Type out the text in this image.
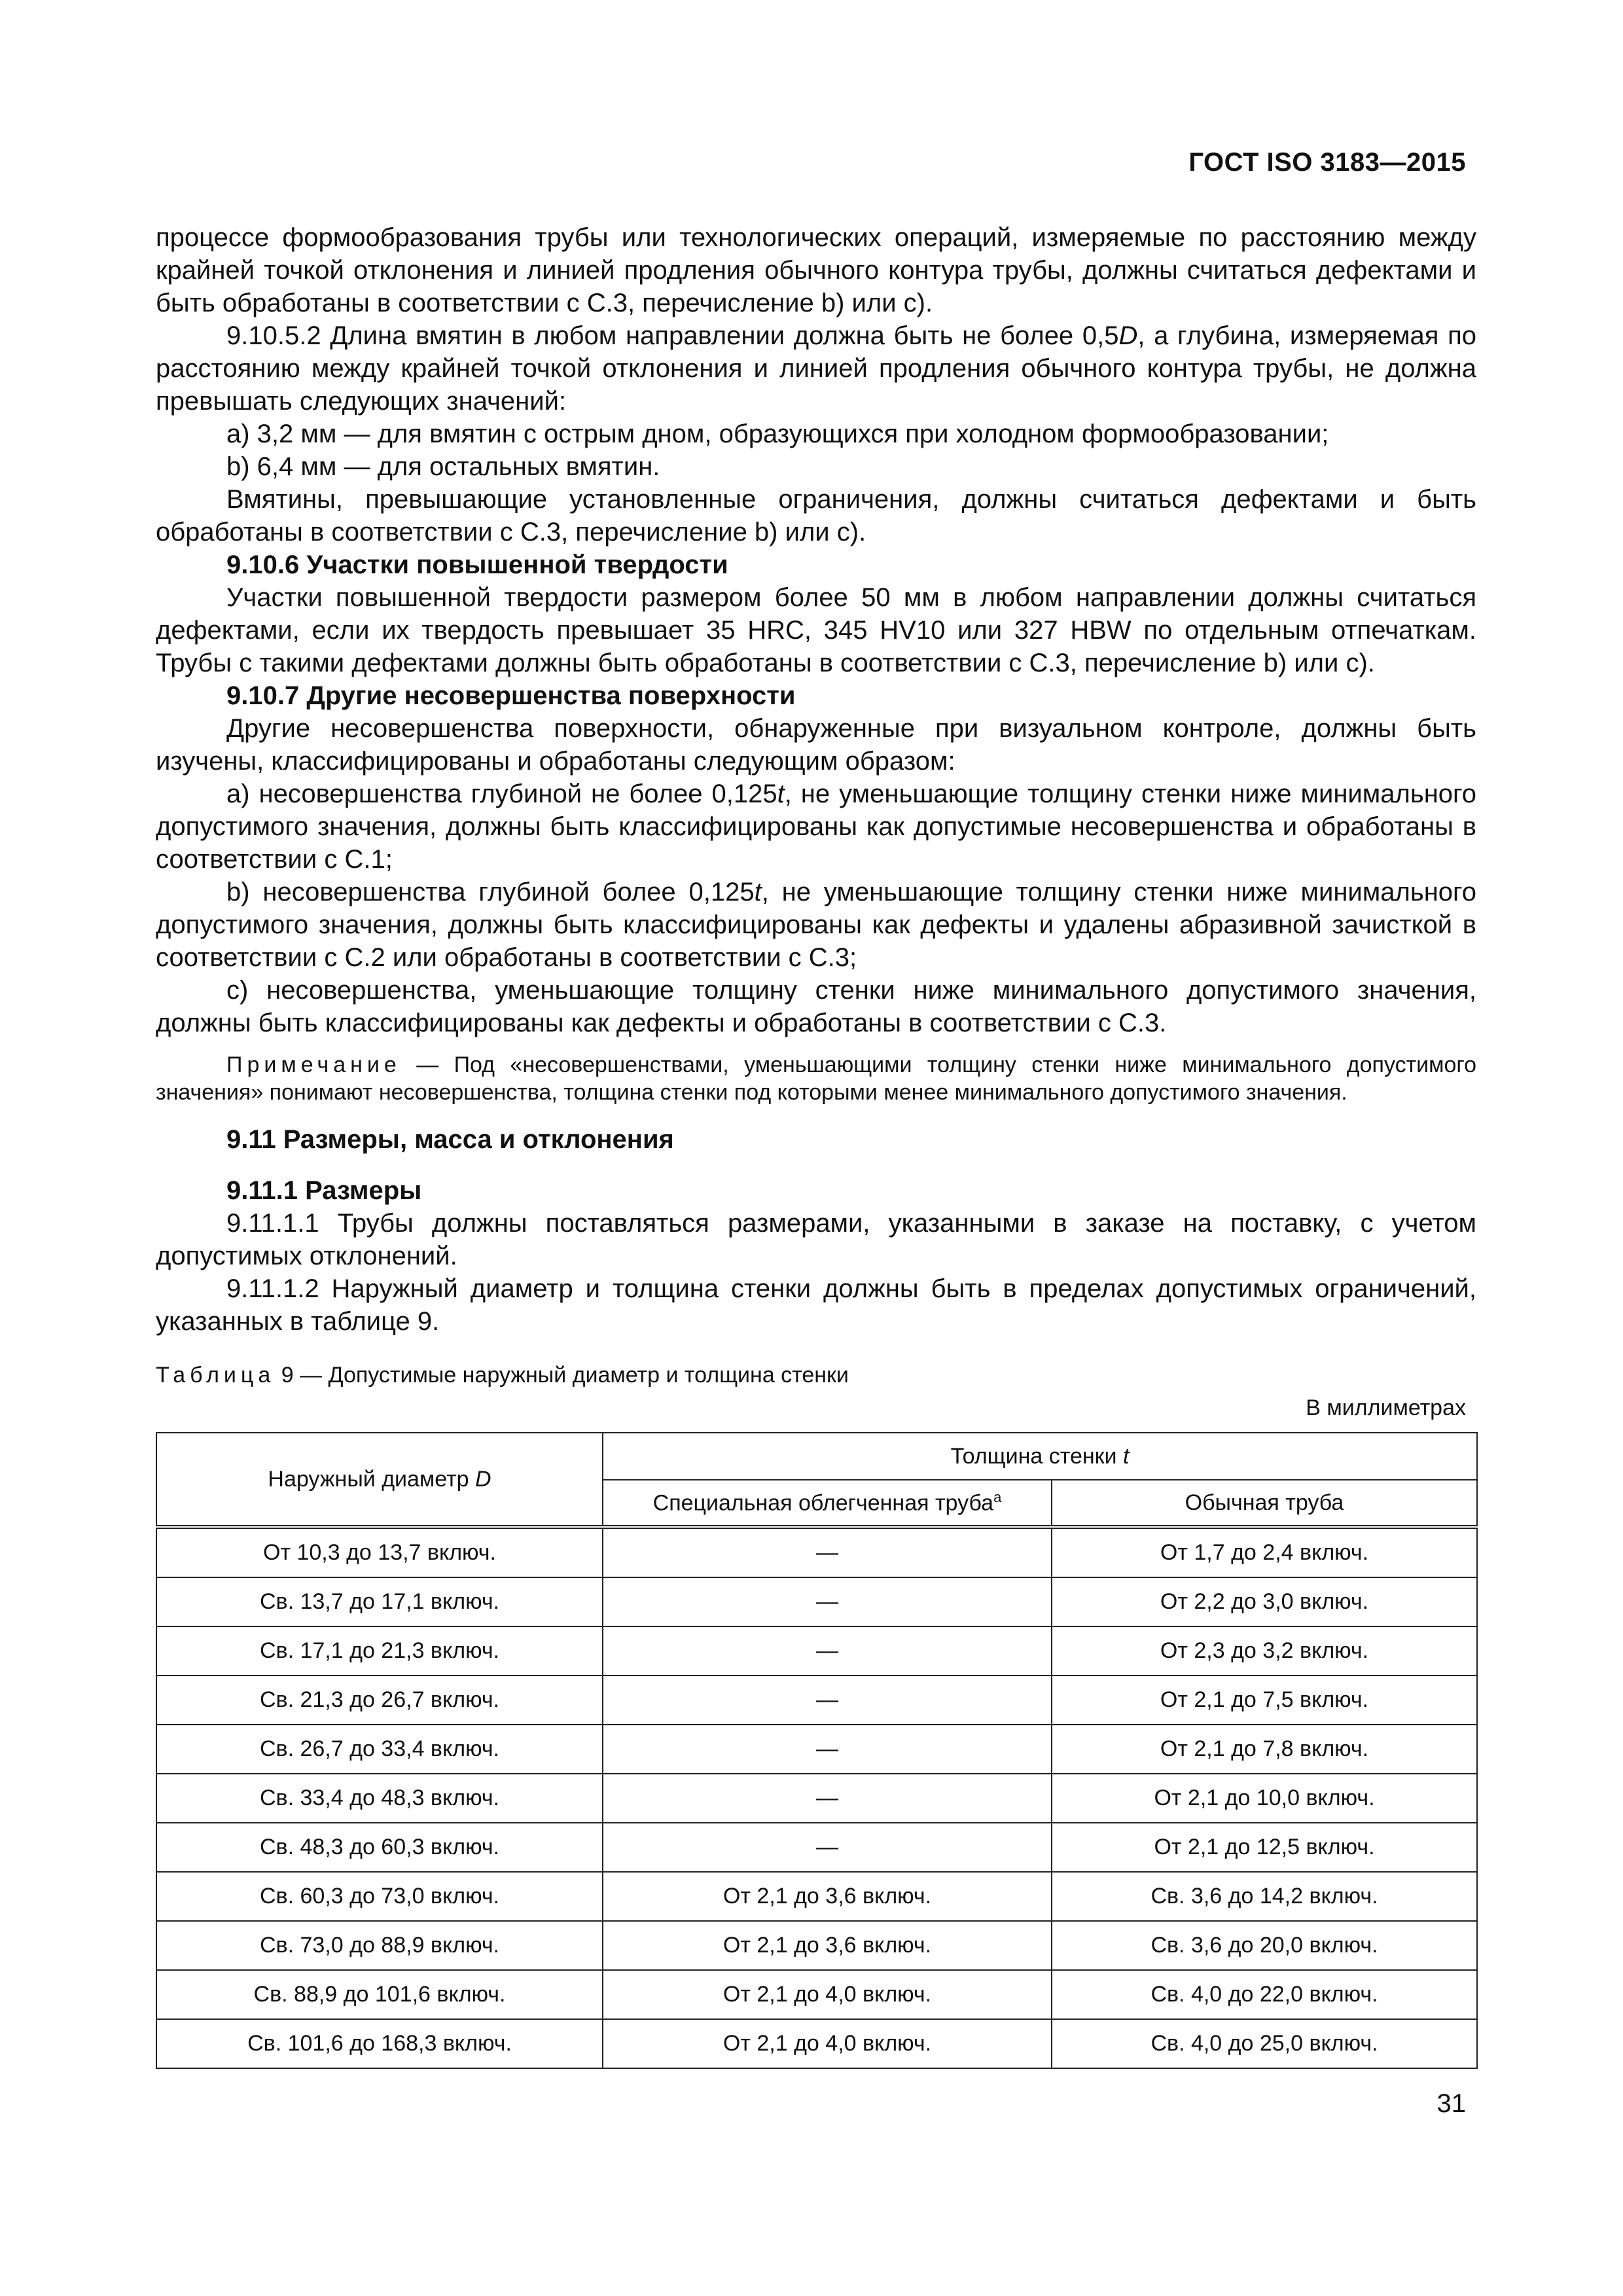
ГОСТ ISO 3183—2015

процессе формообразования трубы или технологических операций, измеряемые по расстоянию между крайней точкой отклонения и линией продления обычного контура трубы, должны считаться дефектами и быть обработаны в соответствии с С.3, перечисление b) или с).

9.10.5.2 Длина вмятин в любом направлении должна быть не более 0,5D, а глубина, измеряемая по расстоянию между крайней точкой отклонения и линией продления обычного контура трубы, не должна превышать следующих значений:

а) 3,2 мм — для вмятин с острым дном, образующихся при холодном формообразовании;

b) 6,4 мм — для остальных вмятин.

Вмятины, превышающие установленные ограничения, должны считаться дефектами и быть обработаны в соответствии с С.3, перечисление b) или с).

9.10.6 Участки повышенной твердости

Участки повышенной твердости размером более 50 мм в любом направлении должны считаться дефектами, если их твердость превышает 35 HRC, 345 HV10 или 327 HBW по отдельным отпечаткам. Трубы с такими дефектами должны быть обработаны в соответствии с С.3, перечисление b) или с).

9.10.7 Другие несовершенства поверхности

Другие несовершенства поверхности, обнаруженные при визуальном контроле, должны быть изучены, классифицированы и обработаны следующим образом:

а) несовершенства глубиной не более 0,125t, не уменьшающие толщину стенки ниже минимального допустимого значения, должны быть классифицированы как допустимые несовершенства и обработаны в соответствии с С.1;

b) несовершенства глубиной более 0,125t, не уменьшающие толщину стенки ниже минимального допустимого значения, должны быть классифицированы как дефекты и удалены абразивной зачисткой в соответствии с С.2 или обработаны в соответствии с С.3;

с) несовершенства, уменьшающие толщину стенки ниже минимального допустимого значения, должны быть классифицированы как дефекты и обработаны в соответствии с С.3.

Примечание — Под «несовершенствами, уменьшающими толщину стенки ниже минимального допустимого значения» понимают несовершенства, толщина стенки под которыми менее минимального допустимого значения.

9.11 Размеры, масса и отклонения

9.11.1 Размеры

9.11.1.1 Трубы должны поставляться размерами, указанными в заказе на поставку, с учетом допустимых отклонений.

9.11.1.2 Наружный диаметр и толщина стенки должны быть в пределах допустимых ограничений, указанных в таблице 9.

Таблица 9 — Допустимые наружный диаметр и толщина стенки
В миллиметрах
Наружный диаметр D	Толщина стенки t	
	Специальная облегченная труба$^a$	Обычная труба
От 10,3 до 13,7 включ.	—	От 1,7 до 2,4 включ.
Св. 13,7 до 17,1 включ.	—	От 2,2 до 3,0 включ.
Св. 17,1 до 21,3 включ.	—	От 2,3 до 3,2 включ.
Св. 21,3 до 26,7 включ.	—	От 2,1 до 7,5 включ.
Св. 26,7 до 33,4 включ.	—	От 2,1 до 7,8 включ.
Св. 33,4 до 48,3 включ.	—	От 2,1 до 10,0 включ.
Св. 48,3 до 60,3 включ.	—	От 2,1 до 12,5 включ.
Св. 60,3 до 73,0 включ.	От 2,1 до 3,6 включ.	Св. 3,6 до 14,2 включ.
Св. 73,0 до 88,9 включ.	От 2,1 до 3,6 включ.	Св. 3,6 до 20,0 включ.
Св. 88,9 до 101,6 включ.	От 2,1 до 4,0 включ.	Св. 4,0 до 22,0 включ.
Св. 101,6 до 168,3 включ.	От 2,1 до 4,0 включ.	Св. 4,0 до 25,0 включ.
31
